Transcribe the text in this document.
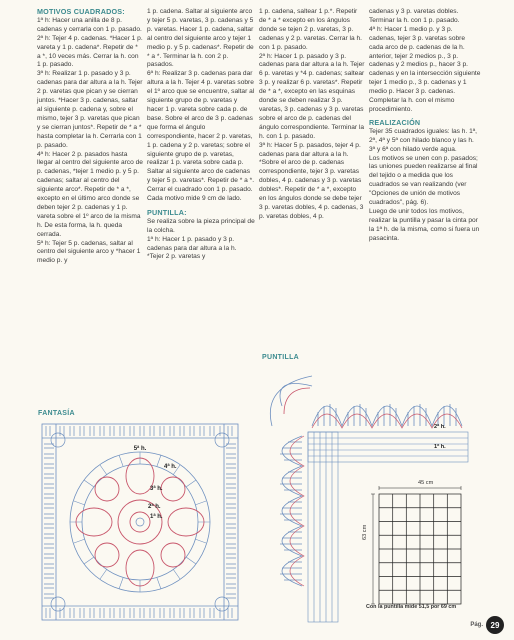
MOTIVOS CUADRADOS:

1ª h: Hacer una anilla de 8 p. cadenas y cerrarla con 1 p. pasado.
2ª h: Tejer 4 p. cadenas. *Hacer 1 p. vareta y 1 p. cadena*. Repetir de * a *, 10 veces más. Cerrar la h. con 1 p. pasado.
3ª h: Realizar 1 p. pasado y 3 p. cadenas para dar altura a la h. Tejer 2 p. varetas que pican y se cierran juntos. *Hacer 3 p. cadenas, saltar al siguiente p. cadena y, sobre el mismo, tejer 3 p. varetas que pican y se cierran juntos*. Repetir de * a * hasta completar la h. Cerrarla con 1 p. pasado.
4ª h: Hacer 2 p. pasados hasta llegar al centro del siguiente arco de p. cadenas, *tejer 1 medio p. y 5 p. cadenas; saltar al centro del siguiente arco*. Repetir de * a *, excepto en el último arco donde se deben tejer 2 p. cadenas y 1 p. vareta sobre el 1º arco de la misma h. De esta forma, la h. queda cerrada.
5ª h: Tejer 5 p. cadenas, saltar al centro del siguiente arco y *hacer 1 medio p. y

1 p. cadena. Saltar al siguiente arco y tejer 5 p. varetas, 3 p. cadenas y 5 p. varetas. Hacer 1 p. cadena, saltar al centro del siguiente arco y tejer 1 medio p. y 5 p. cadenas*. Repetir de * a *. Terminar la h. con 2 p. pasados.
6ª h: Realizar 3 p. cadenas para dar altura a la h. Tejer 4 p. varetas sobre el 1º arco que se encuentre, saltar al siguiente grupo de p. varetas y hacer 1 p. vareta sobre cada p. de base. Sobre el arco de 3 p. cadenas que forma el ángulo correspondiente, hacer 2 p. varetas, 1 p. cadena y 2 p. varetas; sobre el siguiente grupo de p. varetas, realizar 1 p. vareta sobre cada p. Saltar al siguiente arco de cadenas y tejer 5 p. varetas*. Repetir de * a *. Cerrar el cuadrado con 1 p. pasado. Cada motivo mide 9 cm de lado.

PUNTILLA:

Se realiza sobre la pieza principal de la colcha.
1ª h: Hacer 1 p. pasado y 3 p. cadenas para dar altura a la h. *Tejer 2 p. varetas y

1 p. cadena, saltear 1 p.*. Repetir de * a * excepto en los ángulos donde se tejen 2 p. varetas, 3 p. cadenas y 2 p. varetas. Cerrar la h. con 1 p. pasado.
2ª h: Hacer 1 p. pasado y 3 p. cadenas para dar altura a la h. Tejer 6 p. varetas y *4 p. cadenas; saltear 3 p. y realizar 6 p. varetas*. Repetir de * a *, excepto en las esquinas donde se deben realizar 3 p. varetas, 3 p. cadenas y 3 p. varetas sobre el arco de p. cadenas del ángulo correspondiente. Terminar la h. con 1 p. pasado.
3ª h: Hacer 5 p. pasados, tejer 4 p. cadenas para dar altura a la h. *Sobre el arco de p. cadenas correspondiente, tejer 3 p. varetas dobles, 4 p. cadenas y 3 p. varetas dobles*. Repetir de * a *, excepto en los ángulos donde se debe tejer 3 p. varetas dobles, 4 p. cadenas, 3 p. varetas dobles, 4 p.

cadenas y 3 p. varetas dobles. Terminar la h. con 1 p. pasado.
4ª h: Hacer 1 medio p. y 3 p. cadenas, tejer 3 p. varetas sobre cada arco de p. cadenas de la h. anterior, tejer 2 medios p., 3 p. cadenas y 2 medios p., hacer 3 p. cadenas y en la intersección siguiente tejer 1 medio p., 3 p. cadenas y 1 medio p. Hacer 3 p. cadenas. Completar la h. con el mismo procedimiento.

REALIZACIÓN

Tejer 35 cuadrados iguales: las h. 1ª, 2ª, 4ª y 5ª con hilado blanco y las h. 3ª y 6ª con hilado verde agua.
Los motivos se unen con p. pasados; las uniones pueden realizarse al final del tejido o a medida que los cuadrados se van realizando (ver "Opciones de unión de motivos cuadrados", pág. 6).
Luego de unir todos los motivos, realizar la puntilla y pasar la cinta por la 1ª h. de la misma, como si fuera un pasacinta.

FANTASÍA
PUNTILLA
5ª h.
4ª h.
3ª h.
2ª h.
1ª h.
2ª h.
1ª h.
45 cm
63 cm
Con la puntilla mide 51,5 por 69 cm
Pág. 29
